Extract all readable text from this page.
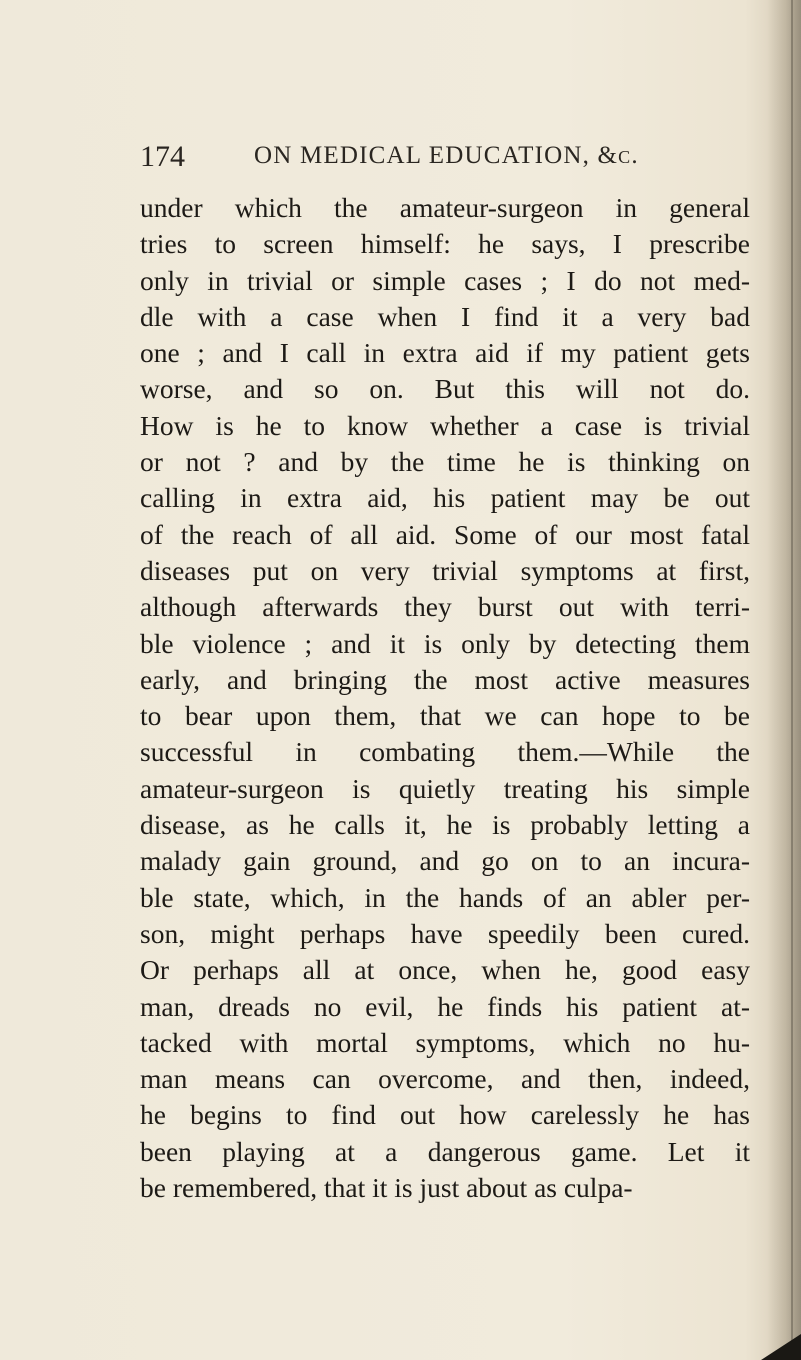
174	ON MEDICAL EDUCATION, &c.
under which the amateur-surgeon in general
tries to screen himself: he says, I prescribe
only in trivial or simple cases ; I do not med-
dle with a case when I find it a very bad
one ; and I call in extra aid if my patient gets
worse, and so on. But this will not do.
How is he to know whether a case is trivial
or not ? and by the time he is thinking on
calling in extra aid, his patient may be out
of the reach of all aid. Some of our most fatal
diseases put on very trivial symptoms at first,
although afterwards they burst out with terri-
ble violence ; and it is only by detecting them
early, and bringing the most active measures
to bear upon them, that we can hope to be
successful in combating them.—While the
amateur-surgeon is quietly treating his simple
disease, as he calls it, he is probably letting a
malady gain ground, and go on to an incura-
ble state, which, in the hands of an abler per-
son, might perhaps have speedily been cured.
Or perhaps all at once, when he, good easy
man, dreads no evil, he finds his patient at-
tacked with mortal symptoms, which no hu-
man means can overcome, and then, indeed,
he begins to find out how carelessly he has
been playing at a dangerous game. Let it
be remembered, that it is just about as culpa-
